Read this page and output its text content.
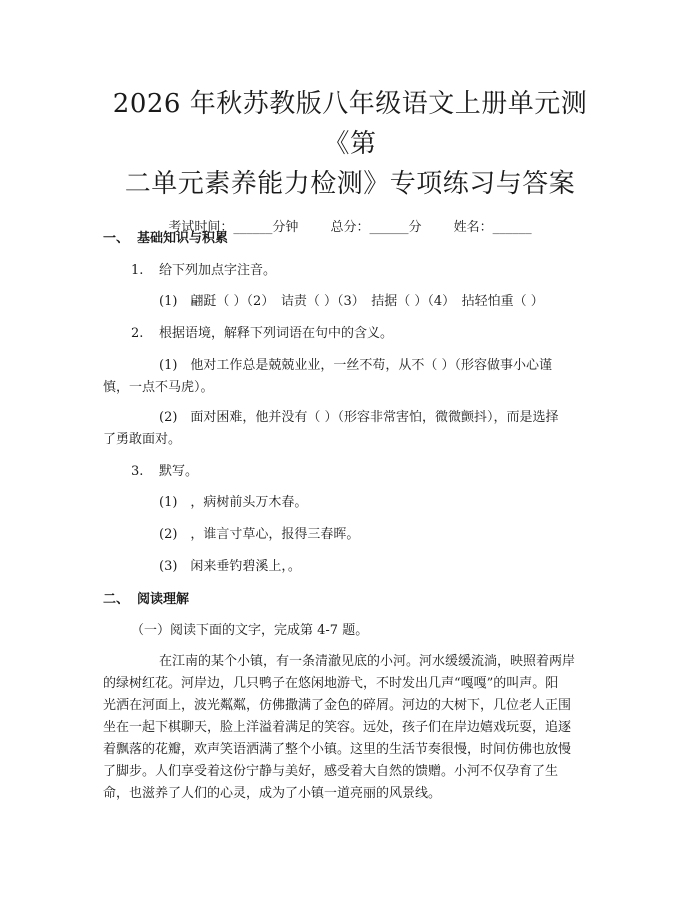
2026 年秋苏教版八年级语文上册单元测《第
二单元素养能力检测》专项练习与答案
考试时间：______分钟 总分：______分 姓名：______

一、 基础知识与积累

1. 给下列加点字注音。

(1)　翩跹（ ）（2）　诘责（ ）（3）　拮据（ ）（4）　拈轻怕重（ ）

2. 根据语境，解释下列词语在句中的含义。

(1)　他对工作总是兢兢业业，一丝不苟，从不（ ）（形容做事小心谨

慎，一点不马虎）。

(2)　面对困难，他并没有（ ）（形容非常害怕，微微颤抖），而是选择

了勇敢面对。

3. 默写。

(1)　，病树前头万木春。

(2)　，谁言寸草心，报得三春晖。

(3)　闲来垂钓碧溪上，。

二、 阅读理解

（一）阅读下面的文字，完成第 4-7 题。

在江南的某个小镇，有一条清澈见底的小河。河水缓缓流淌，映照着两岸
的绿树红花。河岸边，几只鸭子在悠闲地游弋，不时发出几声“嘎嘎”的叫声。阳
光洒在河面上，波光粼粼，仿佛撒满了金色的碎屑。河边的大树下，几位老人正围
坐在一起下棋聊天，脸上洋溢着满足的笑容。远处，孩子们在岸边嬉戏玩耍，追逐
着飘落的花瓣，欢声笑语洒满了整个小镇。这里的生活节奏很慢，时间仿佛也放慢
了脚步。人们享受着这份宁静与美好，感受着大自然的馈赠。小河不仅孕育了生
命，也滋养了人们的心灵，成为了小镇一道亮丽的风景线。
